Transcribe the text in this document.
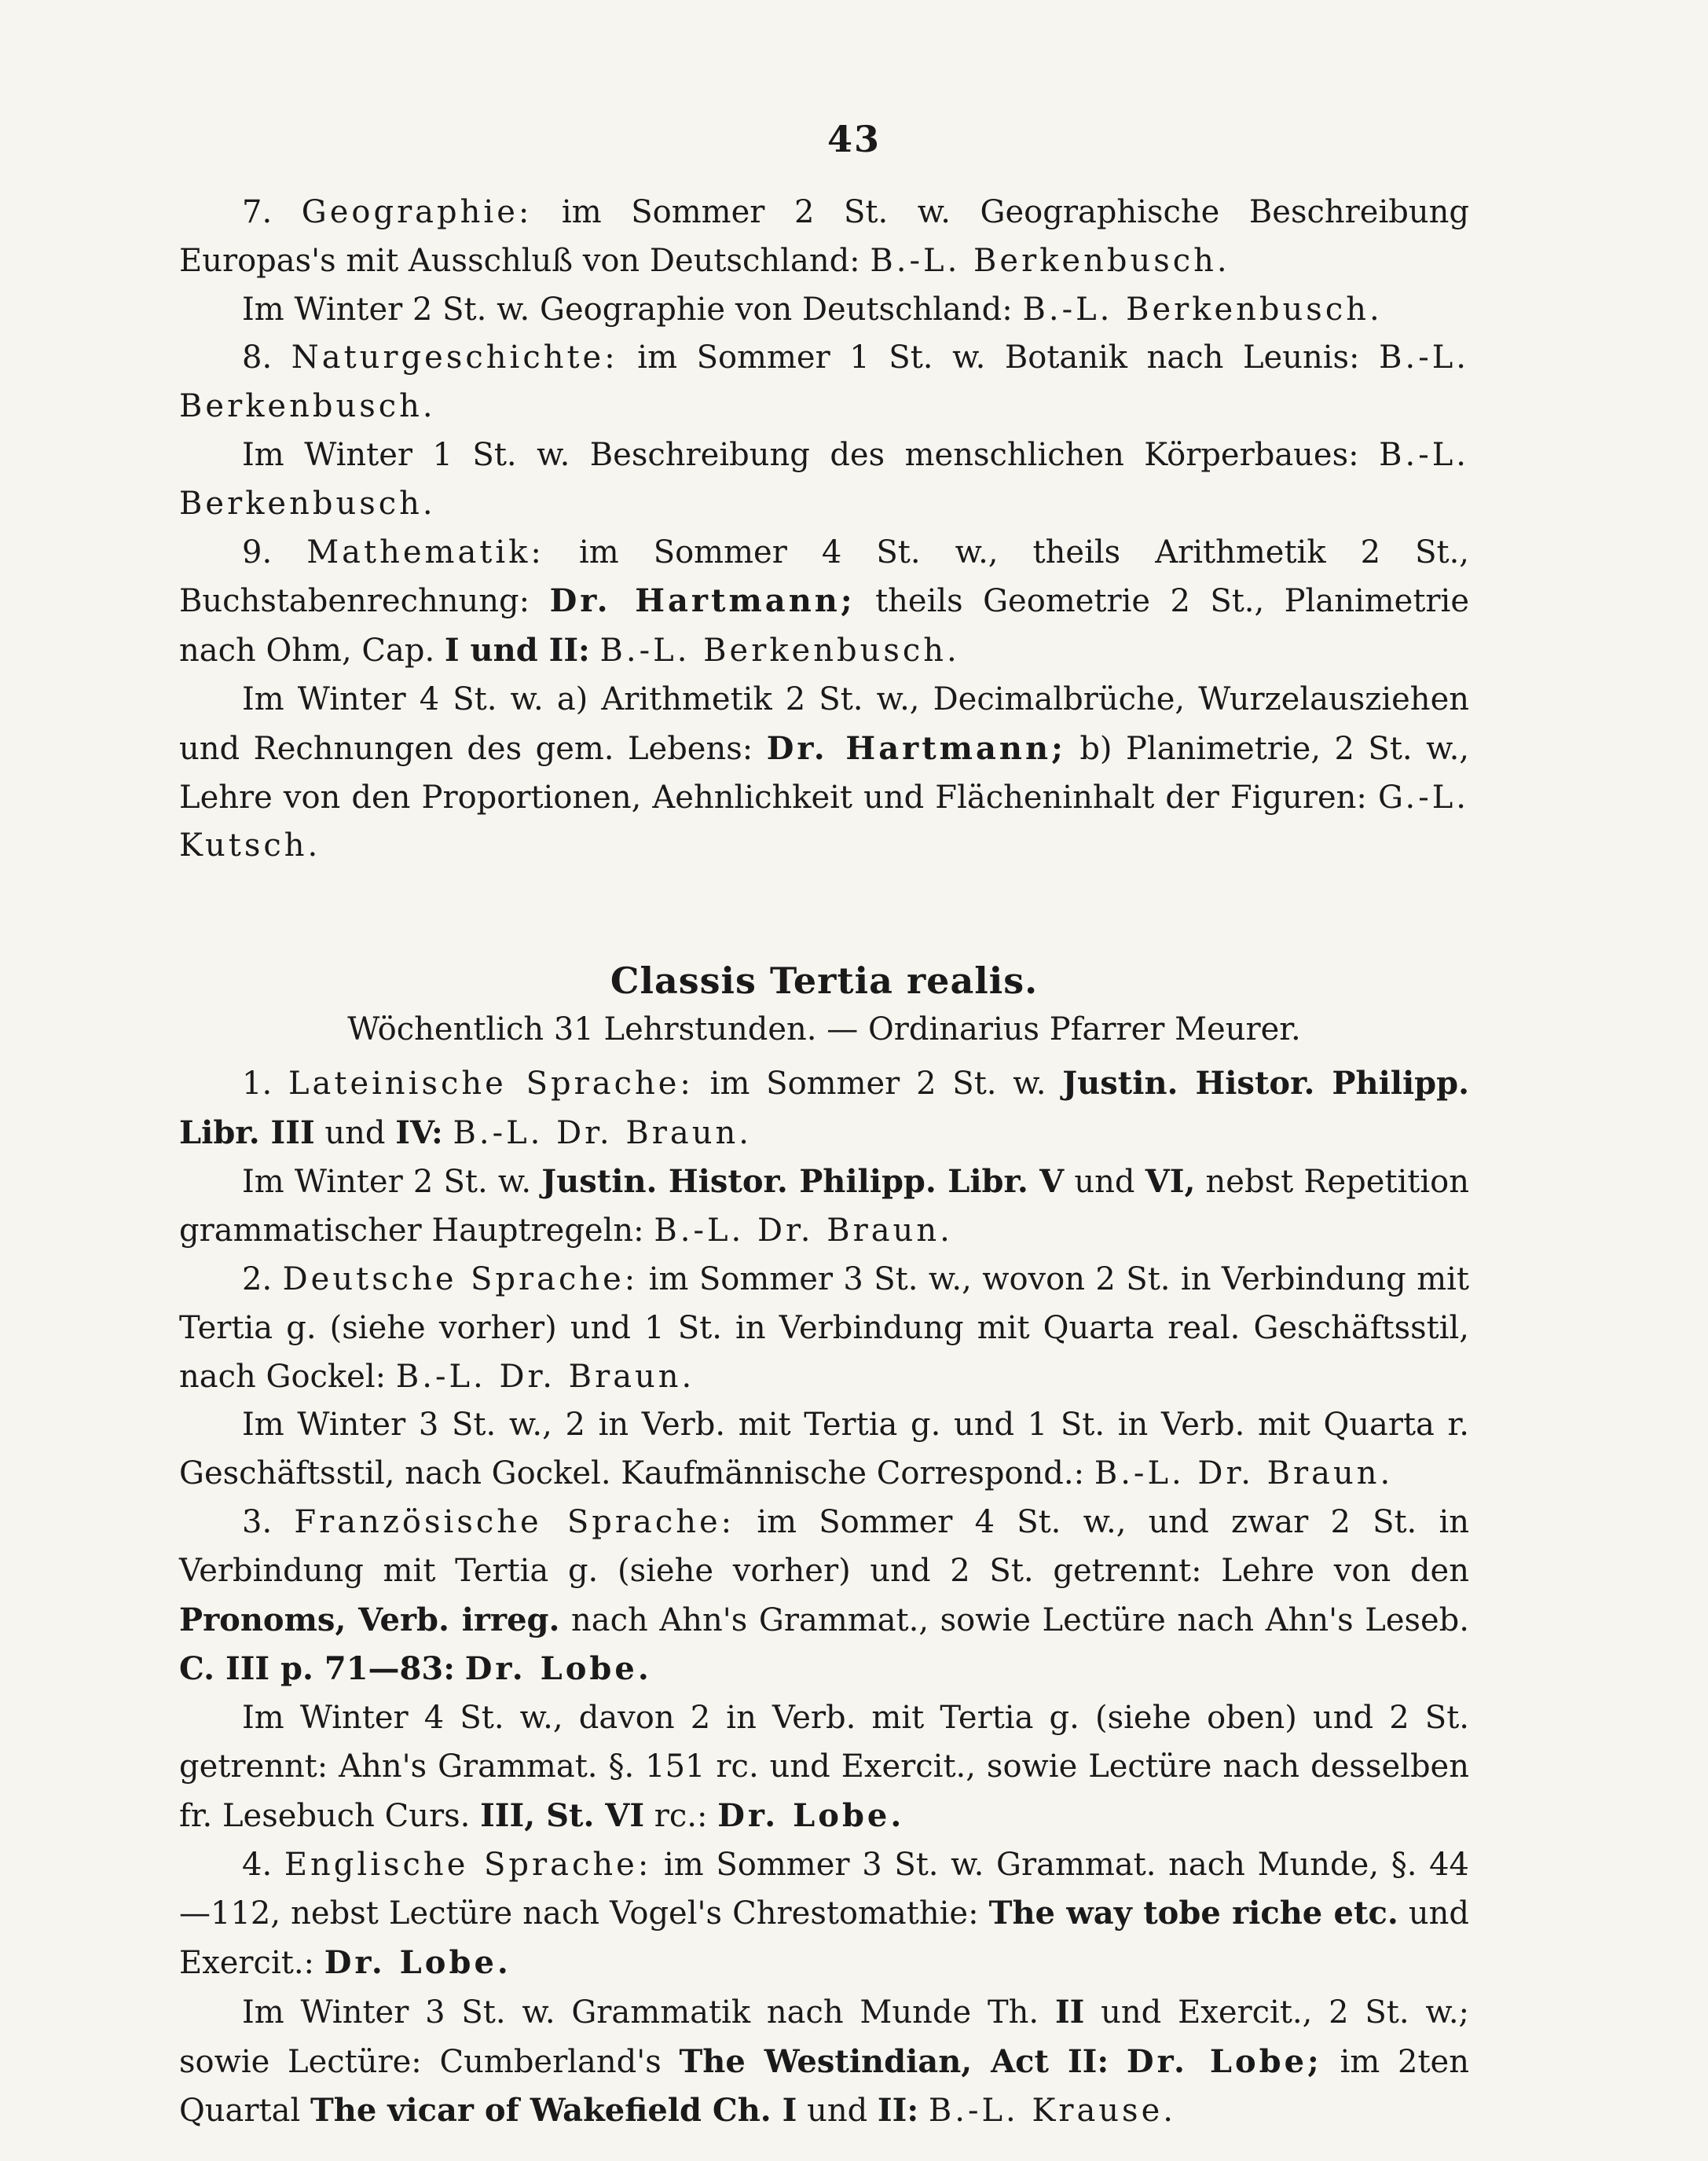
43

7. Geographie: im Sommer 2 St. w. Geographische Beschreibung Europas's mit Ausschluß von Deutschland: B.-L. Berkenbusch.

Im Winter 2 St. w. Geographie von Deutschland: B.-L. Berkenbusch.

8. Naturgeschichte: im Sommer 1 St. w. Botanik nach Leunis: B.-L. Berkenbusch.

Im Winter 1 St. w. Beschreibung des menschlichen Körperbaues: B.-L. Berkenbusch.

9. Mathematik: im Sommer 4 St. w., theils Arithmetik 2 St., Buchstabenrechnung: Dr. Hartmann; theils Geometrie 2 St., Planimetrie nach Ohm, Cap. I und II: B.-L. Berkenbusch.

Im Winter 4 St. w. a) Arithmetik 2 St. w., Decimalbrüche, Wurzelausziehen und Rechnungen des gem. Lebens: Dr. Hartmann; b) Planimetrie, 2 St. w., Lehre von den Proportionen, Aehnlichkeit und Flächeninhalt der Figuren: G.-L. Kutsch.

Classis Tertia realis.

Wöchentlich 31 Lehrstunden. — Ordinarius Pfarrer Meurer.

1. Lateinische Sprache: im Sommer 2 St. w. Justin. Histor. Philipp. Libr. III und IV: B.-L. Dr. Braun.

Im Winter 2 St. w. Justin. Histor. Philipp. Libr. V und VI, nebst Repetition grammatischer Hauptregeln: B.-L. Dr. Braun.

2. Deutsche Sprache: im Sommer 3 St. w., wovon 2 St. in Verbindung mit Tertia g. (siehe vorher) und 1 St. in Verbindung mit Quarta real. Geschäftsstil, nach Gockel: B.-L. Dr. Braun.

Im Winter 3 St. w., 2 in Verb. mit Tertia g. und 1 St. in Verb. mit Quarta r. Geschäftsstil, nach Gockel. Kaufmännische Correspond.: B.-L. Dr. Braun.

3. Französische Sprache: im Sommer 4 St. w., und zwar 2 St. in Verbindung mit Tertia g. (siehe vorher) und 2 St. getrennt: Lehre von den Pronoms, Verb. irreg. nach Ahn's Grammat., sowie Lectüre nach Ahn's Leseb. C. III p. 71—83: Dr. Lobe.

Im Winter 4 St. w., davon 2 in Verb. mit Tertia g. (siehe oben) und 2 St. getrennt: Ahn's Grammat. §. 151 rc. und Exercit., sowie Lectüre nach desselben fr. Lesebuch Curs. III, St. VI rc.: Dr. Lobe.

4. Englische Sprache: im Sommer 3 St. w. Grammat. nach Munde, §. 44—112, nebst Lectüre nach Vogel's Chrestomathie: The way tobe riche etc. und Exercit.: Dr. Lobe.

Im Winter 3 St. w. Grammatik nach Munde Th. II und Exercit., 2 St. w.; sowie Lectüre: Cumberland's The Westindian, Act II: Dr. Lobe; im 2ten Quartal The vicar of Wakefield Ch. I und II: B.-L. Krause.
